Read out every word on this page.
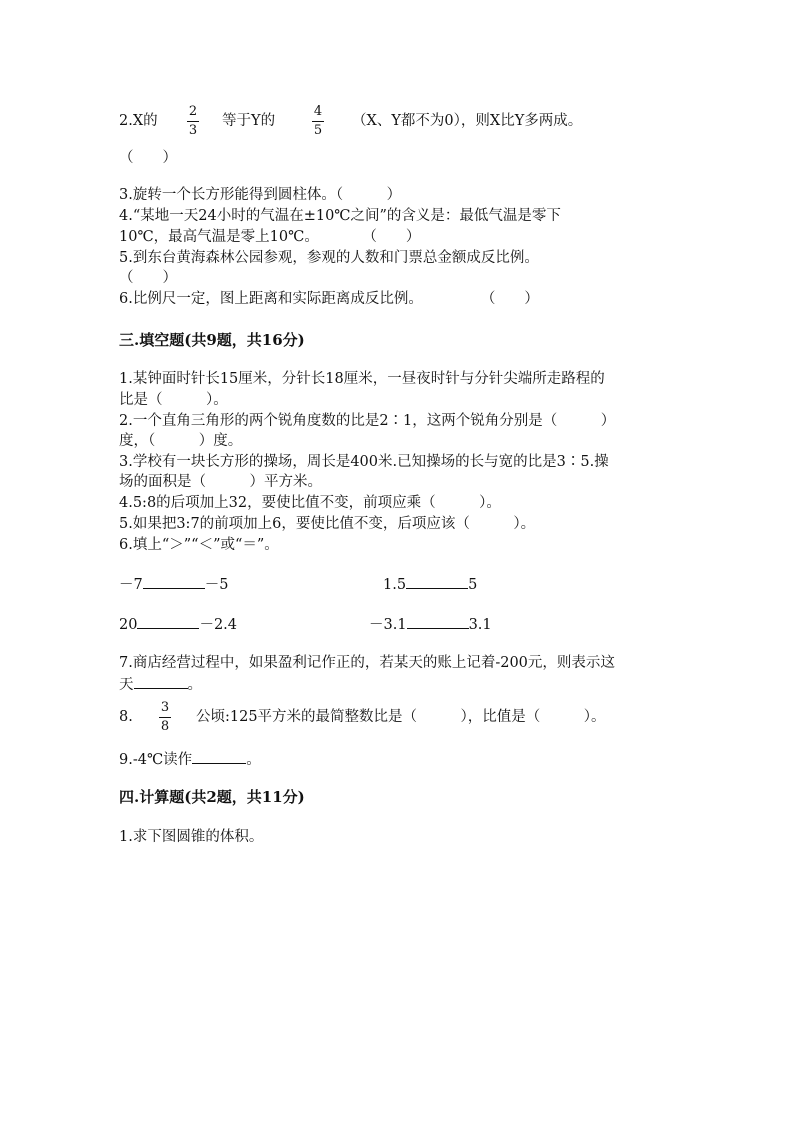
2.X的
2
3
等于Y的
4
5
（X、Y都不为0），则X比Y多两成。
（　　）
3.旋转一个长方形能得到圆柱体。（　　　）
4.“某地一天24小时的气温在±10℃之间”的含义是：最低气温是零下
10℃，最高气温是零上10℃。　　　　（　　）
5.到东台黄海森林公园参观，参观的人数和门票总金额成反比例。
（　　）
6.比例尺一定，图上距离和实际距离成反比例。　　　　　（　　）
三.填空题(共9题，共16分)
1.某钟面时针长15厘米，分针长18厘米，一昼夜时针与分针尖端所走路程的
比是（　　　）。
2.一个直角三角形的两个锐角度数的比是2∶1，这两个锐角分别是（　　　）
度，（　　　）度。
3.学校有一块长方形的操场，周长是400米.已知操场的长与宽的比是3∶5.操
场的面积是（　　　）平方米。
4.5:8的后项加上32，要使比值不变，前项应乘（　　　）。
5.如果把3:7的前项加上6，要使比值不变，后项应该（　　　）。
6.填上“＞”“＜”或“＝”。
－7	－5	1.5	5
20	－2.4	－3.1	3.1
7.商店经营过程中，如果盈利记作正的，若某天的账上记着-200元，则表示这
天	。
8.
3
8
公顷:125平方米的最简整数比是（　　　），比值是（　　　）。
9.-4℃读作	。
四.计算题(共2题，共11分)
1.求下图圆锥的体积。
